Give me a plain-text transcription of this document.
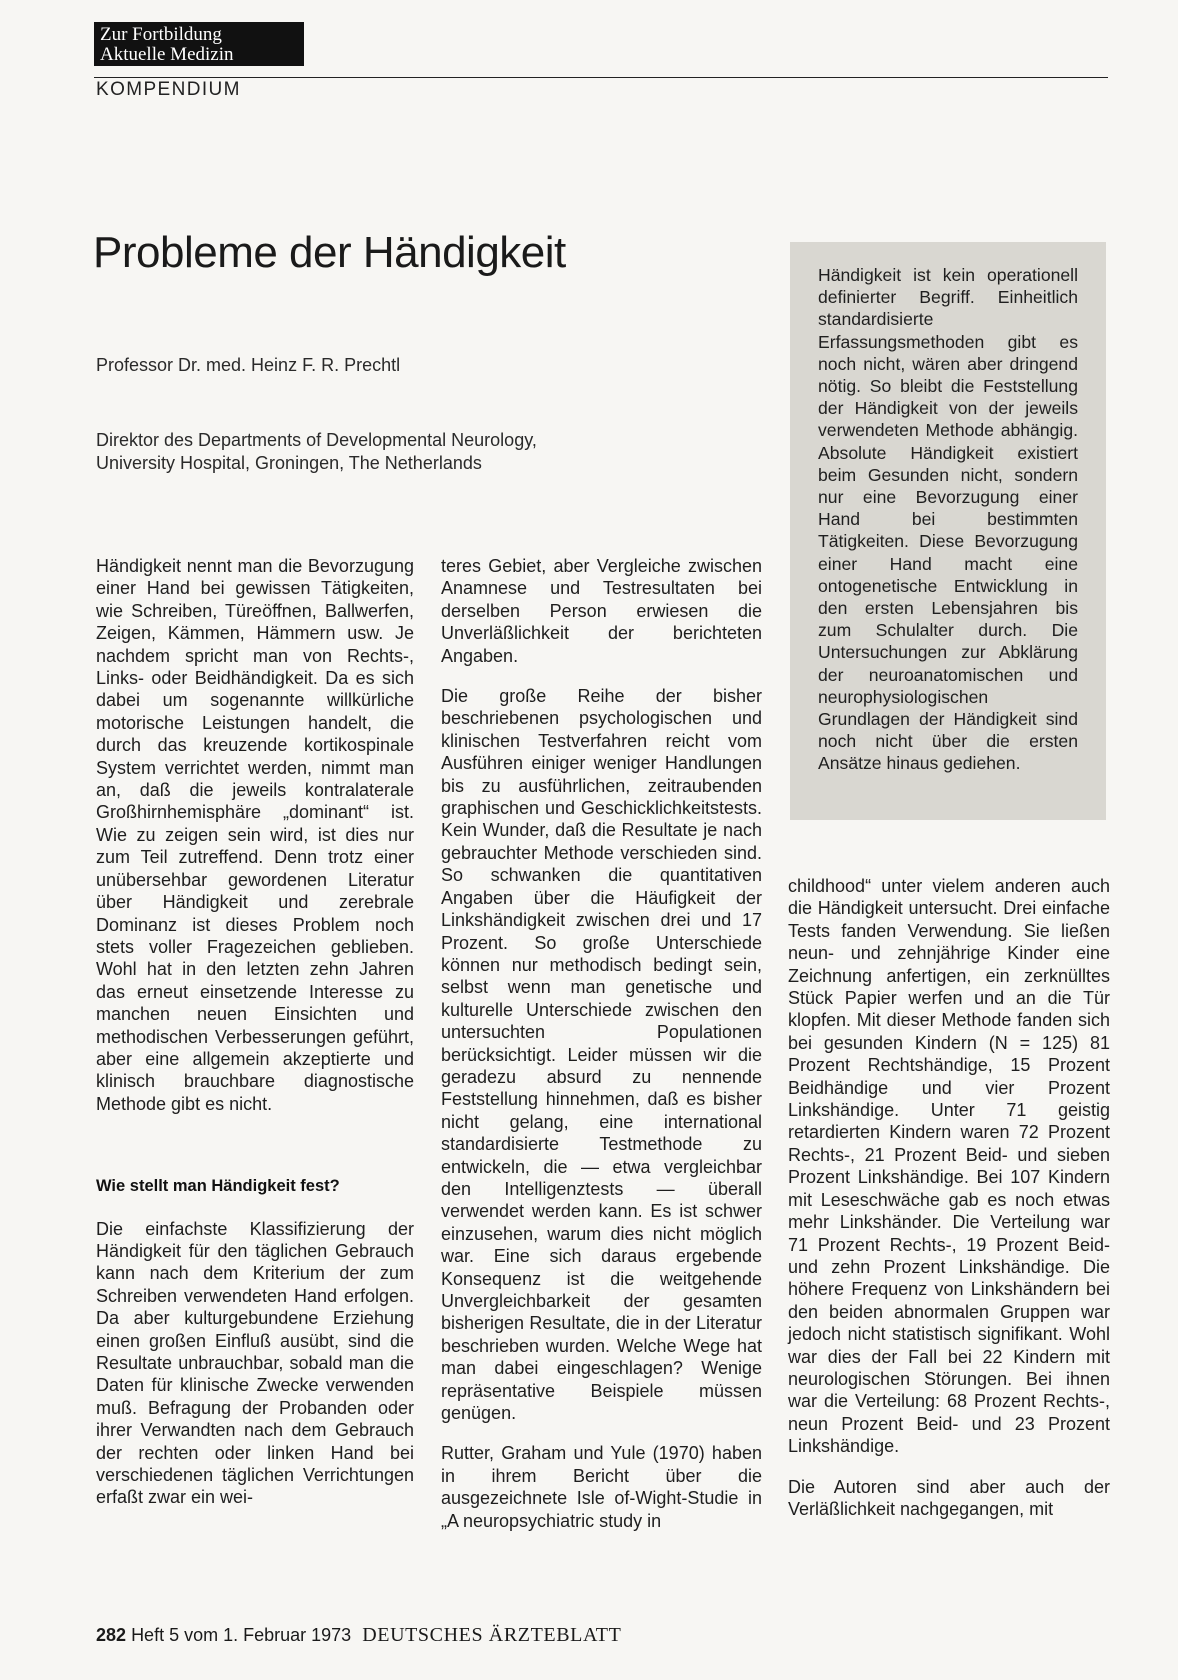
Zur Fortbildung
Aktuelle Medizin
KOMPENDIUM
Probleme der Händigkeit
Professor Dr. med. Heinz F. R. Prechtl
Direktor des Departments of Developmental Neurology,
University Hospital, Groningen, The Netherlands

Händigkeit ist kein operationell definierter Begriff. Einheitlich standardisierte Erfassungsmethoden gibt es noch nicht, wären aber dringend nötig. So bleibt die Feststellung der Händigkeit von der jeweils verwendeten Methode abhängig. Absolute Händigkeit existiert beim Gesunden nicht, sondern nur eine Bevorzugung einer Hand bei bestimmten Tätigkeiten. Diese Bevorzugung einer Hand macht eine ontogenetische Entwicklung in den ersten Lebensjahren bis zum Schulalter durch. Die Untersuchungen zur Abklärung der neuroanatomischen und neurophysiologischen Grundlagen der Händigkeit sind noch nicht über die ersten Ansätze hinaus gediehen.

Händigkeit nennt man die Bevorzugung einer Hand bei gewissen Tätigkeiten, wie Schreiben, Türeöffnen, Ballwerfen, Zeigen, Kämmen, Hämmern usw. Je nachdem spricht man von Rechts-, Links- oder Beidhändigkeit. Da es sich dabei um sogenannte willkürliche motorische Leistungen handelt, die durch das kreuzende kortikospinale System verrichtet werden, nimmt man an, daß die jeweils kontralaterale Großhirnhemisphäre „dominant“ ist. Wie zu zeigen sein wird, ist dies nur zum Teil zutreffend. Denn trotz einer unübersehbar gewordenen Literatur über Händigkeit und zerebrale Dominanz ist dieses Problem noch stets voller Fragezeichen geblieben. Wohl hat in den letzten zehn Jahren das erneut einsetzende Interesse zu manchen neuen Einsichten und methodischen Verbesserungen geführt, aber eine allgemein akzeptierte und klinisch brauchbare diagnostische Methode gibt es nicht.

Wie stellt man Händigkeit fest?

Die einfachste Klassifizierung der Händigkeit für den täglichen Gebrauch kann nach dem Kriterium der zum Schreiben verwendeten Hand erfolgen. Da aber kulturgebundene Erziehung einen großen Einfluß ausübt, sind die Resultate unbrauchbar, sobald man die Daten für klinische Zwecke verwenden muß. Befragung der Probanden oder ihrer Verwandten nach dem Gebrauch der rechten oder linken Hand bei verschiedenen täglichen Verrichtungen erfaßt zwar ein wei-

teres Gebiet, aber Vergleiche zwischen Anamnese und Testresultaten bei derselben Person erwiesen die Unverläßlichkeit der berichteten Angaben.

Die große Reihe der bisher beschriebenen psychologischen und klinischen Testverfahren reicht vom Ausführen einiger weniger Handlungen bis zu ausführlichen, zeitraubenden graphischen und Geschicklichkeitstests. Kein Wunder, daß die Resultate je nach gebrauchter Methode verschieden sind. So schwanken die quantitativen Angaben über die Häufigkeit der Linkshändigkeit zwischen drei und 17 Prozent. So große Unterschiede können nur methodisch bedingt sein, selbst wenn man genetische und kulturelle Unterschiede zwischen den untersuchten Populationen berücksichtigt. Leider müssen wir die geradezu absurd zu nennende Feststellung hinnehmen, daß es bisher nicht gelang, eine international standardisierte Testmethode zu entwickeln, die — etwa vergleichbar den Intelligenztests — überall verwendet werden kann. Es ist schwer einzusehen, warum dies nicht möglich war. Eine sich daraus ergebende Konsequenz ist die weitgehende Unvergleichbarkeit der gesamten bisherigen Resultate, die in der Literatur beschrieben wurden. Welche Wege hat man dabei eingeschlagen? Wenige repräsentative Beispiele müssen genügen.

Rutter, Graham und Yule (1970) haben in ihrem Bericht über die ausgezeichnete Isle of-Wight-Studie in „A neuropsychiatric study in

childhood“ unter vielem anderen auch die Händigkeit untersucht. Drei einfache Tests fanden Verwendung. Sie ließen neun- und zehnjährige Kinder eine Zeichnung anfertigen, ein zerknülltes Stück Papier werfen und an die Tür klopfen. Mit dieser Methode fanden sich bei gesunden Kindern (N = 125) 81 Prozent Rechtshändige, 15 Prozent Beidhändige und vier Prozent Linkshändige. Unter 71 geistig retardierten Kindern waren 72 Prozent Rechts-, 21 Prozent Beid- und sieben Prozent Linkshändige. Bei 107 Kindern mit Leseschwäche gab es noch etwas mehr Linkshänder. Die Verteilung war 71 Prozent Rechts-, 19 Prozent Beid- und zehn Prozent Linkshändige. Die höhere Frequenz von Linkshändern bei den beiden abnormalen Gruppen war jedoch nicht statistisch signifikant. Wohl war dies der Fall bei 22 Kindern mit neurologischen Störungen. Bei ihnen war die Verteilung: 68 Prozent Rechts-, neun Prozent Beid- und 23 Prozent Linkshändige.

Die Autoren sind aber auch der Verläßlichkeit nachgegangen, mit

282 Heft 5 vom 1. Februar 1973 DEUTSCHES ÄRZTEBLATT
